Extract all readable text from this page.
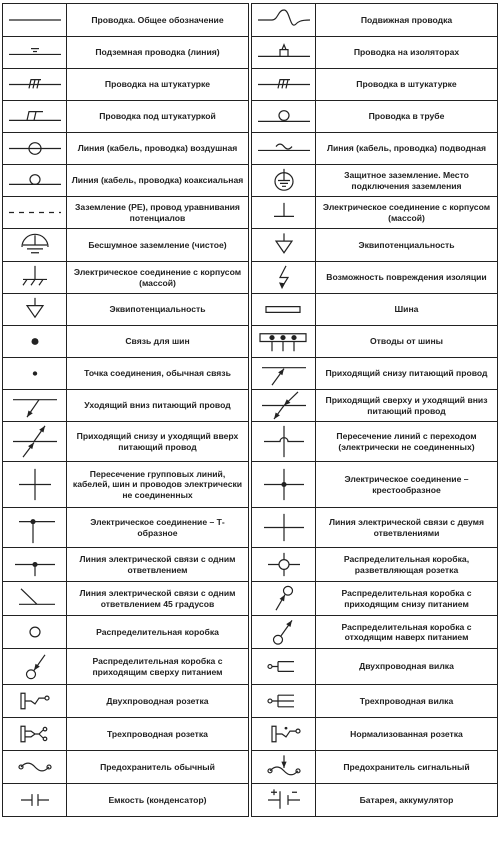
Проводка. Общее обозначение
Подземная проводка (линия)
Проводка на штукатурке
Проводка под штукатуркой
Линия (кабель, проводка) воздушная
Линия (кабель, проводка) коаксиальная
Заземление (PE), провод уравнивания потенциалов
Бесшумное заземление (чистое)
Электрическое соединение с корпусом (массой)
Эквипотенциальность
Связь для шин
Точка соединения, обычная связь
Уходящий вниз питающий провод
Приходящий снизу и уходящий вверх питающий провод
Пересечение групповых линий, кабелей, шин и проводов электрически не соединенных
Электрическое соединение – Т-образное
Линия электрической связи с одним ответвлением
Линия электрической связи с одним ответвлением 45 градусов
Распределительная коробка
Распределительная коробка с приходящим сверху питанием
Двухпроводная розетка
Трехпроводная розетка
Предохранитель обычный
Емкость (конденсатор)
Подвижная проводка
Проводка на изоляторах
Проводка в штукатурке
Проводка в трубе
Линия (кабель, проводка) подводная
Защитное заземление. Место подключения заземления
Электрическое соединение с корпусом (массой)
Эквипотенциальность
Возможность повреждения изоляции
Шина
Отводы от шины
Приходящий снизу питающий провод
Приходящий сверху и уходящий вниз питающий провод
Пересечение линий с переходом (электрически не соединенных)
Электрическое соединение – крестообразное
Линия электрической связи с двумя ответвлениями
Распределительная коробка, разветвляющая розетка
Распределительная коробка с приходящим снизу питанием
Распределительная коробка с отходящим наверх питанием
Двухпроводная вилка
Трехпроводная вилка
Нормализованная розетка
Предохранитель сигнальный
Батарея, аккумулятор
